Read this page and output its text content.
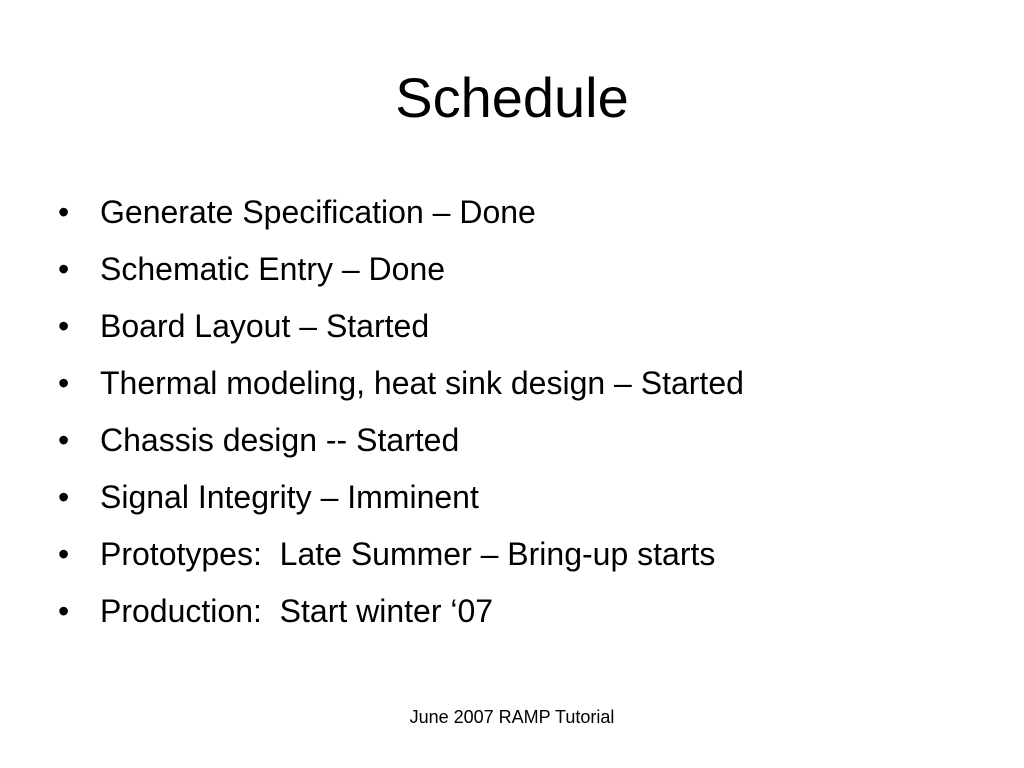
Schedule
• Generate Specification – Done
• Schematic Entry – Done
• Board Layout – Started
• Thermal modeling, heat sink design – Started
• Chassis design -- Started
• Signal Integrity – Imminent
• Prototypes:  Late Summer – Bring-up starts
• Production:  Start winter ‘07
June 2007 RAMP Tutorial
